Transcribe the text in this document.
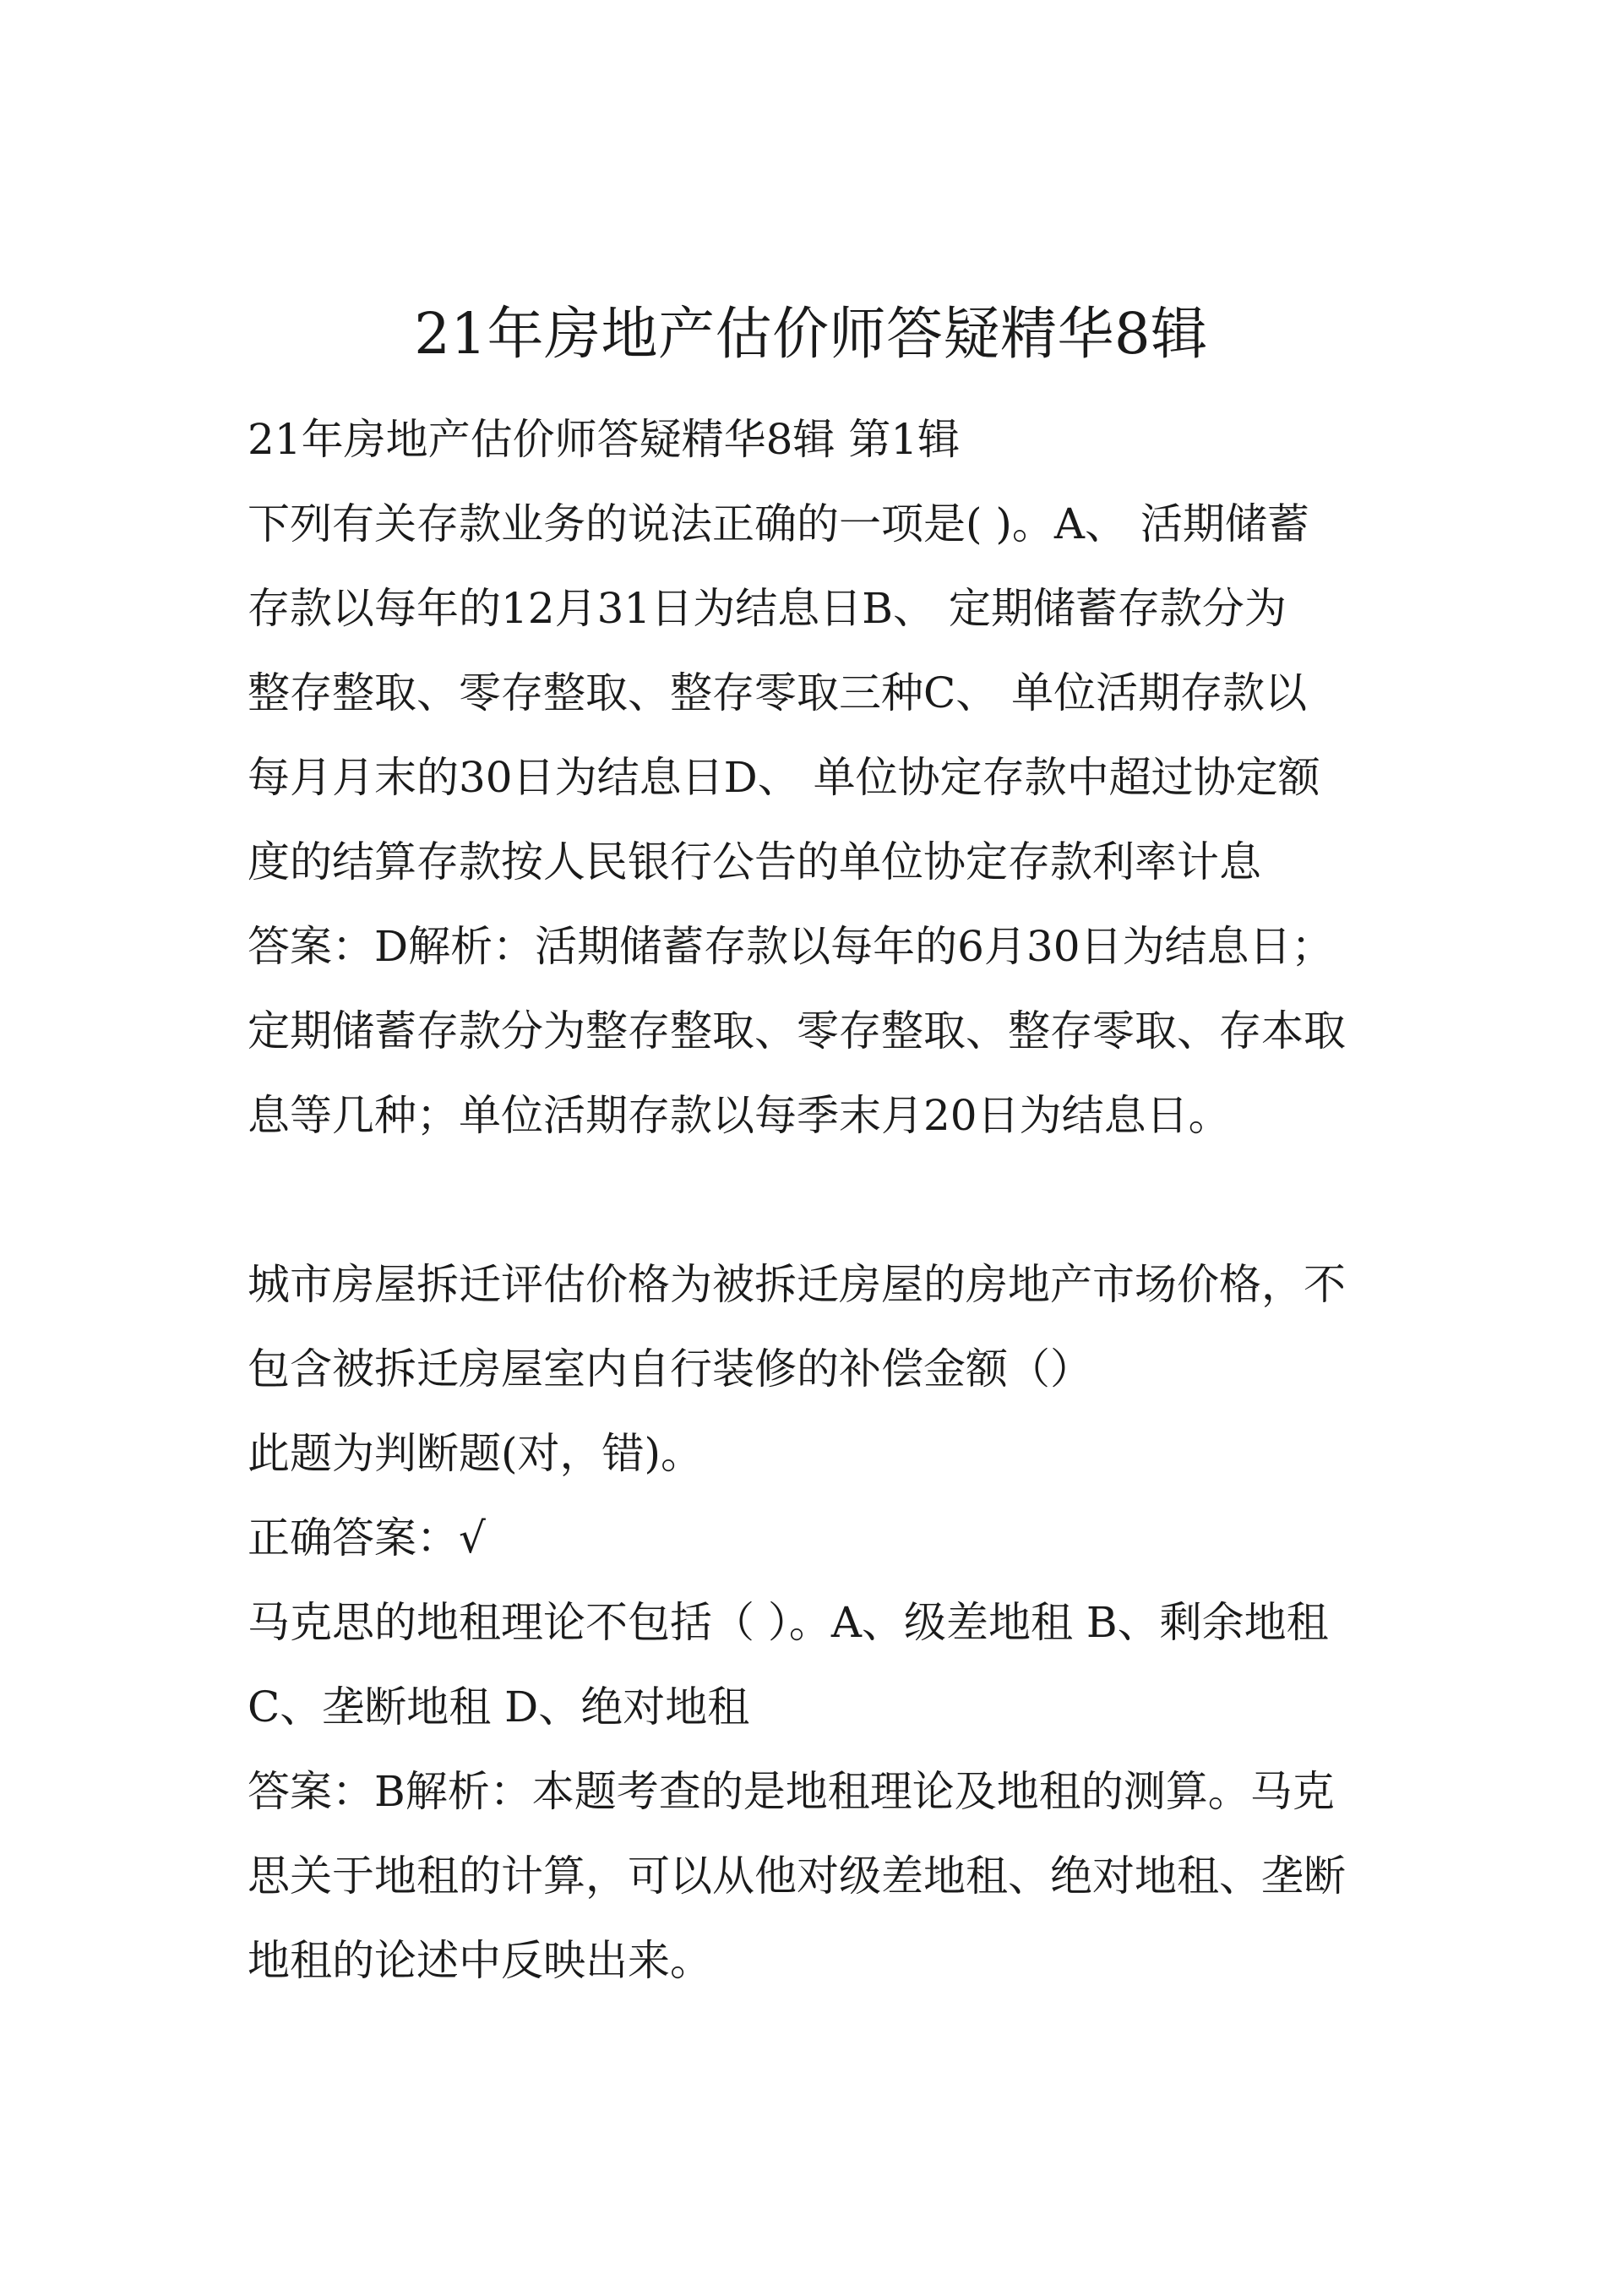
21年房地产估价师答疑精华8辑
21年房地产估价师答疑精华8辑 第1辑
下列有关存款业务的说法正确的一项是( )。A、 活期储蓄
存款以每年的12月31日为结息日B、 定期储蓄存款分为
整存整取、零存整取、整存零取三种C、 单位活期存款以
每月月末的30日为结息日D、 单位协定存款中超过协定额
度的结算存款按人民银行公告的单位协定存款利率计息
答案：D解析：活期储蓄存款以每年的6月30日为结息日；
定期储蓄存款分为整存整取、零存整取、整存零取、存本取
息等几种；单位活期存款以每季末月20日为结息日。
城市房屋拆迁评估价格为被拆迁房屋的房地产市场价格，不
包含被拆迁房屋室内自行装修的补偿金额（）
此题为判断题(对，错)。
正确答案：√
马克思的地租理论不包括（ ）。A、级差地租 B、剩余地租
C、垄断地租 D、绝对地租
答案：B解析：本题考查的是地租理论及地租的测算。马克
思关于地租的计算，可以从他对级差地租、绝对地租、垄断
地租的论述中反映出来。
